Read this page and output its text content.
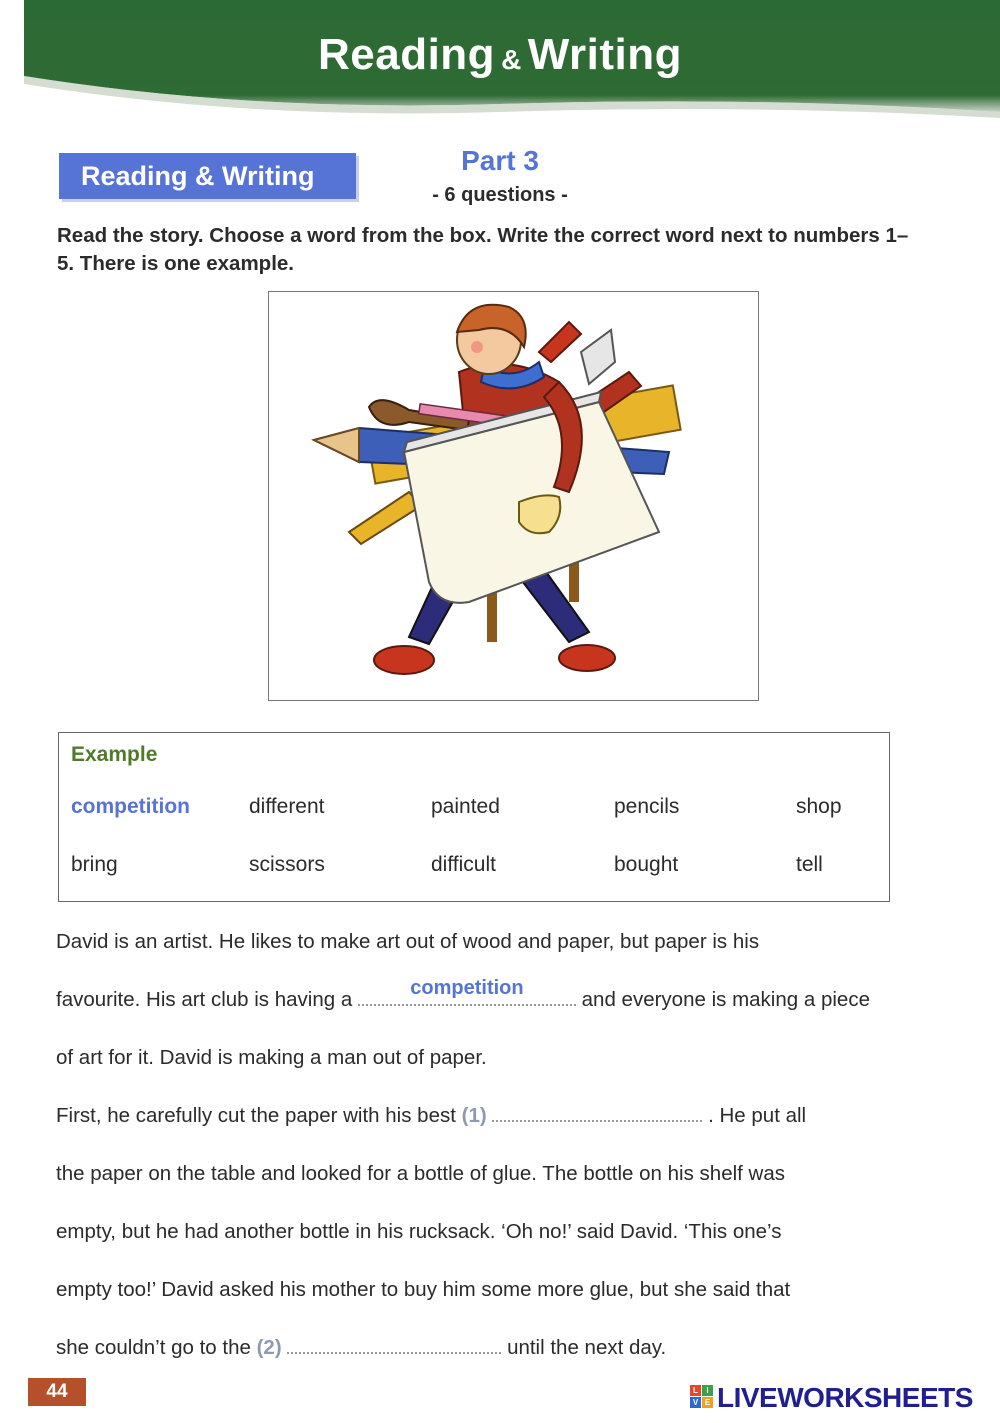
Reading & Writing
Reading & Writing	Part 3
- 6 questions -
Read the story. Choose a word from the box. Write the correct word next to numbers 1–5. There is one example.
Example
competition	different	painted	pencils	shop
bring	scissors	difficult	bought	tell
David is an artist. He likes to make art out of wood and paper, but paper is his
favourite. His art club is having a	competition	and everyone is making a piece
of art for it. David is making a man out of paper.
First, he carefully cut the paper with his best (1)	. He put all
the paper on the table and looked for a bottle of glue. The bottle on his shelf was
empty, but he had another bottle in his rucksack. ‘Oh no!’ said David. ‘This one’s
empty too!’ David asked his mother to buy him some more glue, but she said that
she couldn’t go to the (2)	until the next day.
44	L	I
V E LIVEWORKSHEETS
